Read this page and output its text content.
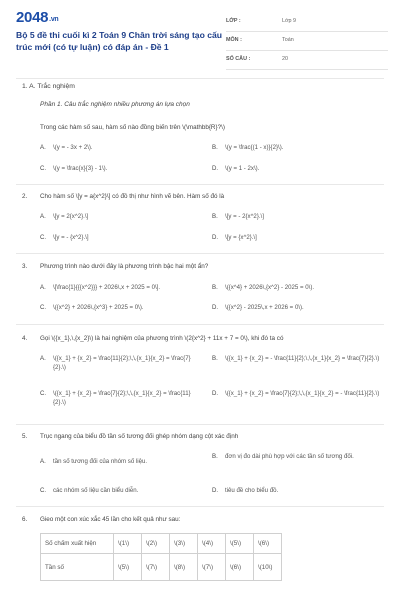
2048.vn
Bộ 5 đề thi cuối kì 2 Toán 9 Chân trời sáng tạo cấu trúc mới (có tự luận) có đáp án - Đề 1
LỚP :	Lớp 9
MÔN :	Toán
SỐ CÂU :	20
1. A. Trắc nghiệm
Phần 1. Câu trắc nghiệm nhiều phương án lựa chọn
Trong các hàm số sau, hàm số nào đồng biến trên \(\mathbb{R}?\)
A. \(y = - 3x + 2\).	B. \(y = \frac{(1 - x)}{2}\).
C. \(y = \frac{x}{3} - 1\).	D. \(y = 1 - 2x\).
2. Cho hàm số \[y = a{x^2}\] có đồ thị như hình vẽ bên. Hàm số đó là
A. \[y = 2{x^2}.\]	B. \[y = - 2{x^2}.\]
C. \[y = - {x^2}.\]	D. \[y = {x^2}.\]
3. Phương trình nào dưới đây là phương trình bậc hai một ẩn?
A. \[\frac{1}{{{x^2}}} + 2026\,x + 2025 = 0\].	B. \({x^4} + 2026\,{x^2} - 2025 = 0\).
C. \({x^2} + 2026\,{x^3} + 2025 = 0\).	D. \({x^2} - 2025\,x + 2026 = 0\).
4. Gọi \({x_1},\,{x_2}\) là hai nghiệm của phương trình \(2{x^2} + 11x + 7 = 0\), khi đó ta có
A. \({x_1} + {x_2} = \frac{11}{2};\,\,{x_1}{x_2} = \frac{7}{2}.\)
B. \({x_1} + {x_2} = - \frac{11}{2};\,\,{x_1}{x_2} = \frac{7}{2}.\)
C. \({x_1} + {x_2} = \frac{7}{2};\,\,{x_1}{x_2} = \frac{11}{2}.\)
D. \({x_1} + {x_2} = \frac{7}{2};\,\,{x_1}{x_2} = - \frac{11}{2}.\)
5. Trục ngang của biểu đồ tần số tương đối ghép nhóm dạng cột xác định
A. tần số tương đối của nhóm số liệu.
B. đơn vị đo dài phù hợp với các tần số tương đối.
C. các nhóm số liệu cần biểu diễn.	D. tiêu đề cho biểu đồ.
6. Gieo một con xúc xắc 45 lần cho kết quả như sau:
Số chấm xuất hiện	\(1\)	\(2\)	\(3\)	\(4\)	\(5\)	\(6\)
Tần số	\(5\)	\(7\)	\(8\)	\(7\)	\(6\)	\(10\)
